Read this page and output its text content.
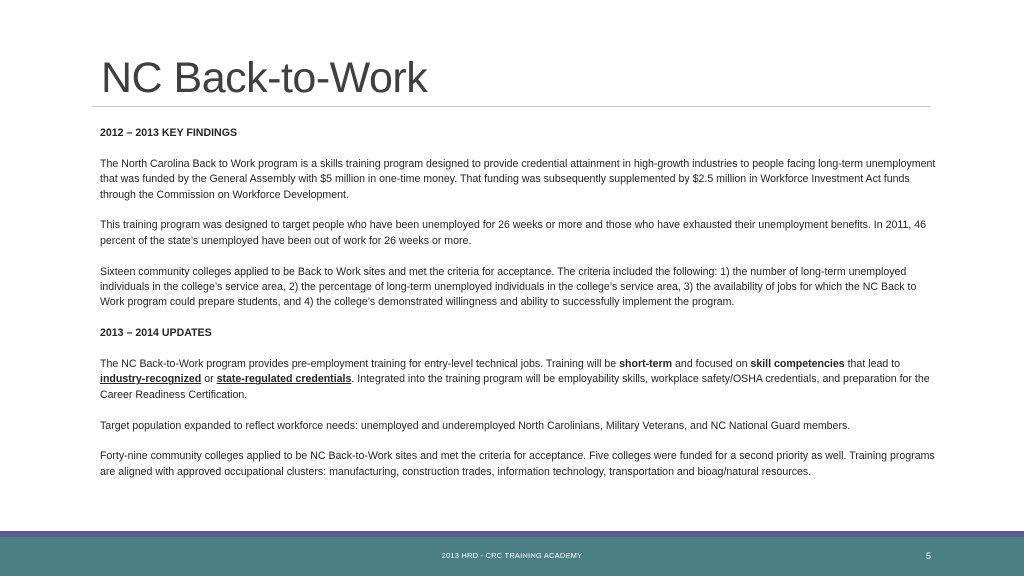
NC Back-to-Work
2012 – 2013 KEY FINDINGS

The North Carolina Back to Work program is a skills training program designed to provide credential attainment in high-growth industries to people facing long-term unemployment that was funded by the General Assembly with $5 million in one-time money. That funding was subsequently supplemented by $2.5 million in Workforce Investment Act funds through the Commission on Workforce Development.

This training program was designed to target people who have been unemployed for 26 weeks or more and those who have exhausted their unemployment benefits. In 2011, 46 percent of the state’s unemployed have been out of work for 26 weeks or more.

Sixteen community colleges applied to be Back to Work sites and met the criteria for acceptance. The criteria included the following: 1) the number of long-term unemployed individuals in the college’s service area, 2) the percentage of long-term unemployed individuals in the college’s service area, 3) the availability of jobs for which the NC Back to Work program could prepare students, and 4) the college’s demonstrated willingness and ability to successfully implement the program.

2013 – 2014 UPDATES

The NC Back-to-Work program provides pre-employment training for entry-level technical jobs. Training will be short-term and focused on skill competencies that lead to industry-recognized or state-regulated credentials. Integrated into the training program will be employability skills, workplace safety/OSHA credentials, and preparation for the Career Readiness Certification.

Target population expanded to reflect workforce needs: unemployed and underemployed North Carolinians, Military Veterans, and NC National Guard members.

Forty-nine community colleges applied to be NC Back-to-Work sites and met the criteria for acceptance. Five colleges were funded for a second priority as well. Training programs are aligned with approved occupational clusters: manufacturing, construction trades, information technology, transportation and bioag/natural resources.

2013 HRD - CRC TRAINING ACADEMY	5
